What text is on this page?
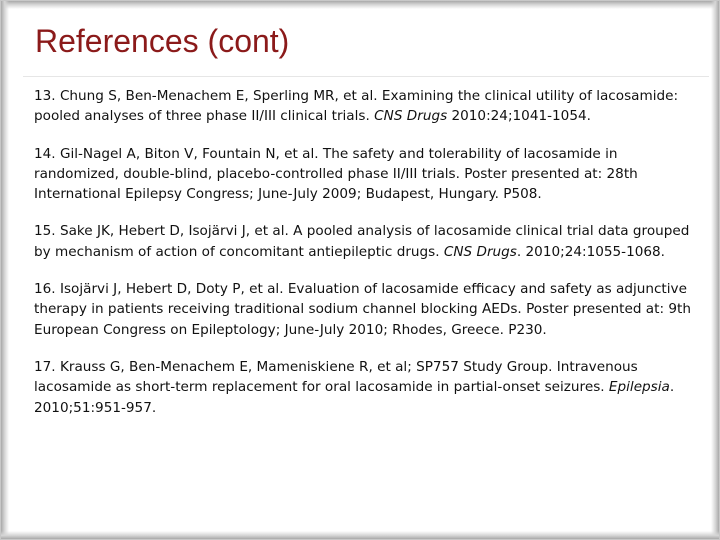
References (cont)

13. Chung S, Ben-Menachem E, Sperling MR, et al. Examining the clinical utility of lacosamide: pooled analyses of three phase II/III clinical trials. CNS Drugs 2010:24;1041-1054.

14. Gil-Nagel A, Biton V, Fountain N, et al. The safety and tolerability of lacosamide in randomized, double-blind, placebo-controlled phase II/III trials. Poster presented at: 28th International Epilepsy Congress; June-July 2009; Budapest, Hungary. P508.

15. Sake JK, Hebert D, Isojärvi J, et al. A pooled analysis of lacosamide clinical trial data grouped by mechanism of action of concomitant antiepileptic drugs. CNS Drugs. 2010;24:1055-1068.

16. Isojärvi J, Hebert D, Doty P, et al. Evaluation of lacosamide efficacy and safety as adjunctive therapy in patients receiving traditional sodium channel blocking AEDs. Poster presented at: 9th European Congress on Epileptology; June-July 2010; Rhodes, Greece. P230.

17. Krauss G, Ben-Menachem E, Mameniskiene R, et al; SP757 Study Group. Intravenous lacosamide as short-term replacement for oral lacosamide in partial-onset seizures. Epilepsia. 2010;51:951-957.
